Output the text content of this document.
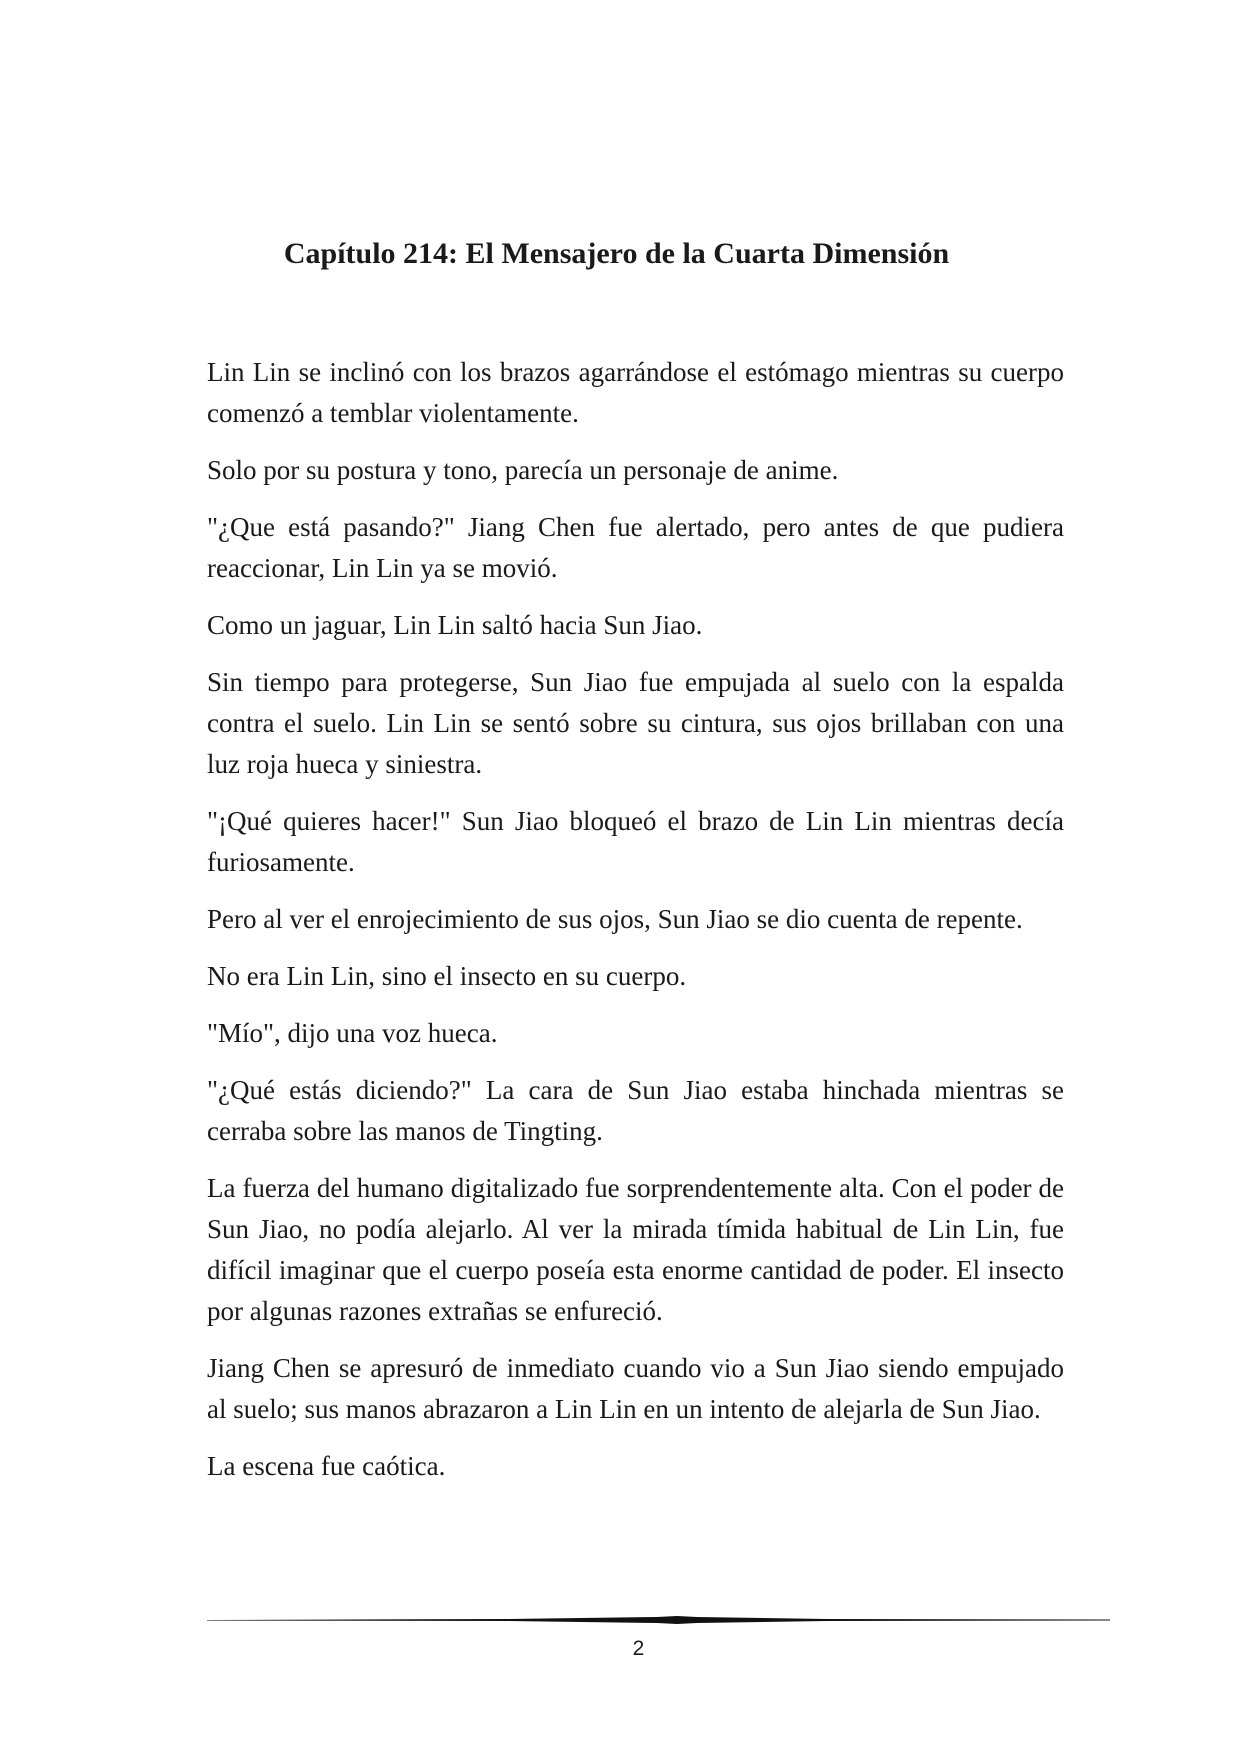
Capítulo 214: El Mensajero de la Cuarta Dimensión

Lin Lin se inclinó con los brazos agarrándose el estómago mientras su cuerpo comenzó a temblar violentamente.

Solo por su postura y tono, parecía un personaje de anime.

"¿Que está pasando?" Jiang Chen fue alertado, pero antes de que pudiera reaccionar, Lin Lin ya se movió.

Como un jaguar, Lin Lin saltó hacia Sun Jiao.

Sin tiempo para protegerse, Sun Jiao fue empujada al suelo con la espalda contra el suelo. Lin Lin se sentó sobre su cintura, sus ojos brillaban con una luz roja hueca y siniestra.

"¡Qué quieres hacer!" Sun Jiao bloqueó el brazo de Lin Lin mientras decía furiosamente.

Pero al ver el enrojecimiento de sus ojos, Sun Jiao se dio cuenta de repente.

No era Lin Lin, sino el insecto en su cuerpo.

"Mío", dijo una voz hueca.

"¿Qué estás diciendo?" La cara de Sun Jiao estaba hinchada mientras se cerraba sobre las manos de Tingting.

La fuerza del humano digitalizado fue sorprendentemente alta. Con el poder de Sun Jiao, no podía alejarlo. Al ver la mirada tímida habitual de Lin Lin, fue difícil imaginar que el cuerpo poseía esta enorme cantidad de poder. El insecto por algunas razones extrañas se enfureció.

Jiang Chen se apresuró de inmediato cuando vio a Sun Jiao siendo empujado al suelo; sus manos abrazaron a Lin Lin en un intento de alejarla de Sun Jiao.

La escena fue caótica.

2
